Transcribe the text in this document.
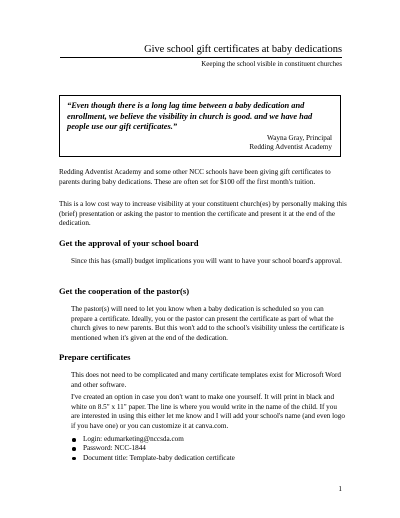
Give school gift certificates at baby dedications
Keeping the school visible in constituent churches
“Even though there is a long lag time between a baby dedication and enrollment, we believe the visibility in church is good. and we have had people use our gift certificates.”
Wayna Gray, Principal
Redding Adventist Academy
Redding Adventist Academy and some other NCC schools have been giving gift certificates to parents during baby dedications. These are often set for $100 off the first month's tuition.
This is a low cost way to increase visibility at your constituent church(es) by personally making this (brief) presentation or asking the pastor to mention the certificate and present it at the end of the dedication.
Get the approval of your school board
Since this has (small) budget implications you will want to have your school board's approval.
Get the cooperation of the pastor(s)
The pastor(s) will need to let you know when a baby dedication is scheduled so you can prepare a certificate. Ideally, you or the pastor can present the certificate as part of what the church gives to new parents. But this won't add to the school's visibility unless the certificate is mentioned when it's given at the end of the dedication.
Prepare certificates
This does not need to be complicated and many certificate templates exist for Microsoft Word and other software.
I've created an option in case you don't want to make one yourself. It will print in black and white on 8.5" x 11" paper. The line is where you would write in the name of the child. If you are interested in using this either let me know and I will add your school's name (and even logo if you have one) or you can customize it at canva.com.
Login: edumarketing@nccsda.com
Password: NCC-1844
Document title: Template-baby dedication certificate
1
